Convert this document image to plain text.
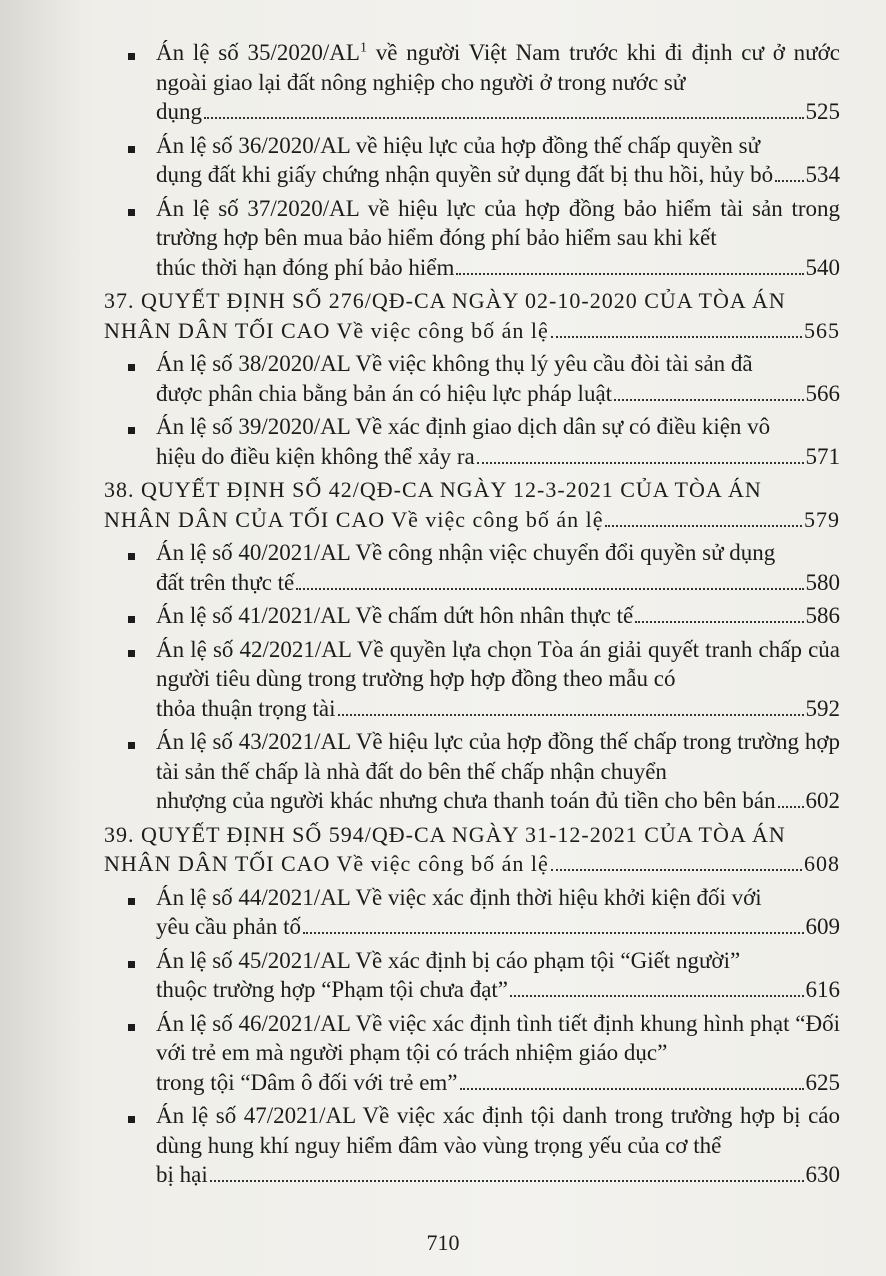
Án lệ số $35/2020/AL^1$ về người Việt Nam trước khi đi định cư ở nước ngoài giao lại đất nông nghiệp cho người ở trong nước sử
dụng	525
Án lệ số 36/2020/AL về hiệu lực của hợp đồng thế chấp quyền sử
dụng đất khi giấy chứng nhận quyền sử dụng đất bị thu hồi, hủy bỏ 534
Án lệ số 37/2020/AL về hiệu lực của hợp đồng bảo hiểm tài sản trong trường hợp bên mua bảo hiểm đóng phí bảo hiểm sau khi kết
thúc thời hạn đóng phí bảo hiểm	540
37. QUYẾT ĐỊNH SỐ 276/QĐ-CA NGÀY 02-10-2020 CỦA TÒA ÁN
NHÂN DÂN TỐI CAO Về việc công bố án lệ	565
Án lệ số 38/2020/AL Về việc không thụ lý yêu cầu đòi tài sản đã
được phân chia bằng bản án có hiệu lực pháp luật	566
Án lệ số 39/2020/AL Về xác định giao dịch dân sự có điều kiện vô
hiệu do điều kiện không thể xảy ra	571
38. QUYẾT ĐỊNH SỐ 42/QĐ-CA NGÀY 12-3-2021 CỦA TÒA ÁN
NHÂN DÂN CỦA TỐI CAO Về việc công bố án lệ	579
Án lệ số 40/2021/AL Về công nhận việc chuyển đổi quyền sử dụng
đất trên thực tế	580
Án lệ số 41/2021/AL Về chấm dứt hôn nhân thực tế	586
Án lệ số 42/2021/AL Về quyền lựa chọn Tòa án giải quyết tranh chấp của người tiêu dùng trong trường hợp hợp đồng theo mẫu có
thỏa thuận trọng tài	592
Án lệ số 43/2021/AL Về hiệu lực của hợp đồng thế chấp trong trường hợp tài sản thế chấp là nhà đất do bên thế chấp nhận chuyển
nhượng của người khác nhưng chưa thanh toán đủ tiền cho bên bán 602
39. QUYẾT ĐỊNH SỐ 594/QĐ-CA NGÀY 31-12-2021 CỦA TÒA ÁN
NHÂN DÂN TỐI CAO Về việc công bố án lệ	608
Án lệ số 44/2021/AL Về việc xác định thời hiệu khởi kiện đối với
yêu cầu phản tố	609
Án lệ số 45/2021/AL Về xác định bị cáo phạm tội “Giết người”
thuộc trường hợp “Phạm tội chưa đạt”	616
Án lệ số 46/2021/AL Về việc xác định tình tiết định khung hình phạt “Đối với trẻ em mà người phạm tội có trách nhiệm giáo dục”
trong tội “Dâm ô đối với trẻ em”	625
Án lệ số 47/2021/AL Về việc xác định tội danh trong trường hợp bị cáo dùng hung khí nguy hiểm đâm vào vùng trọng yếu của cơ thể
bị hại	630
710
